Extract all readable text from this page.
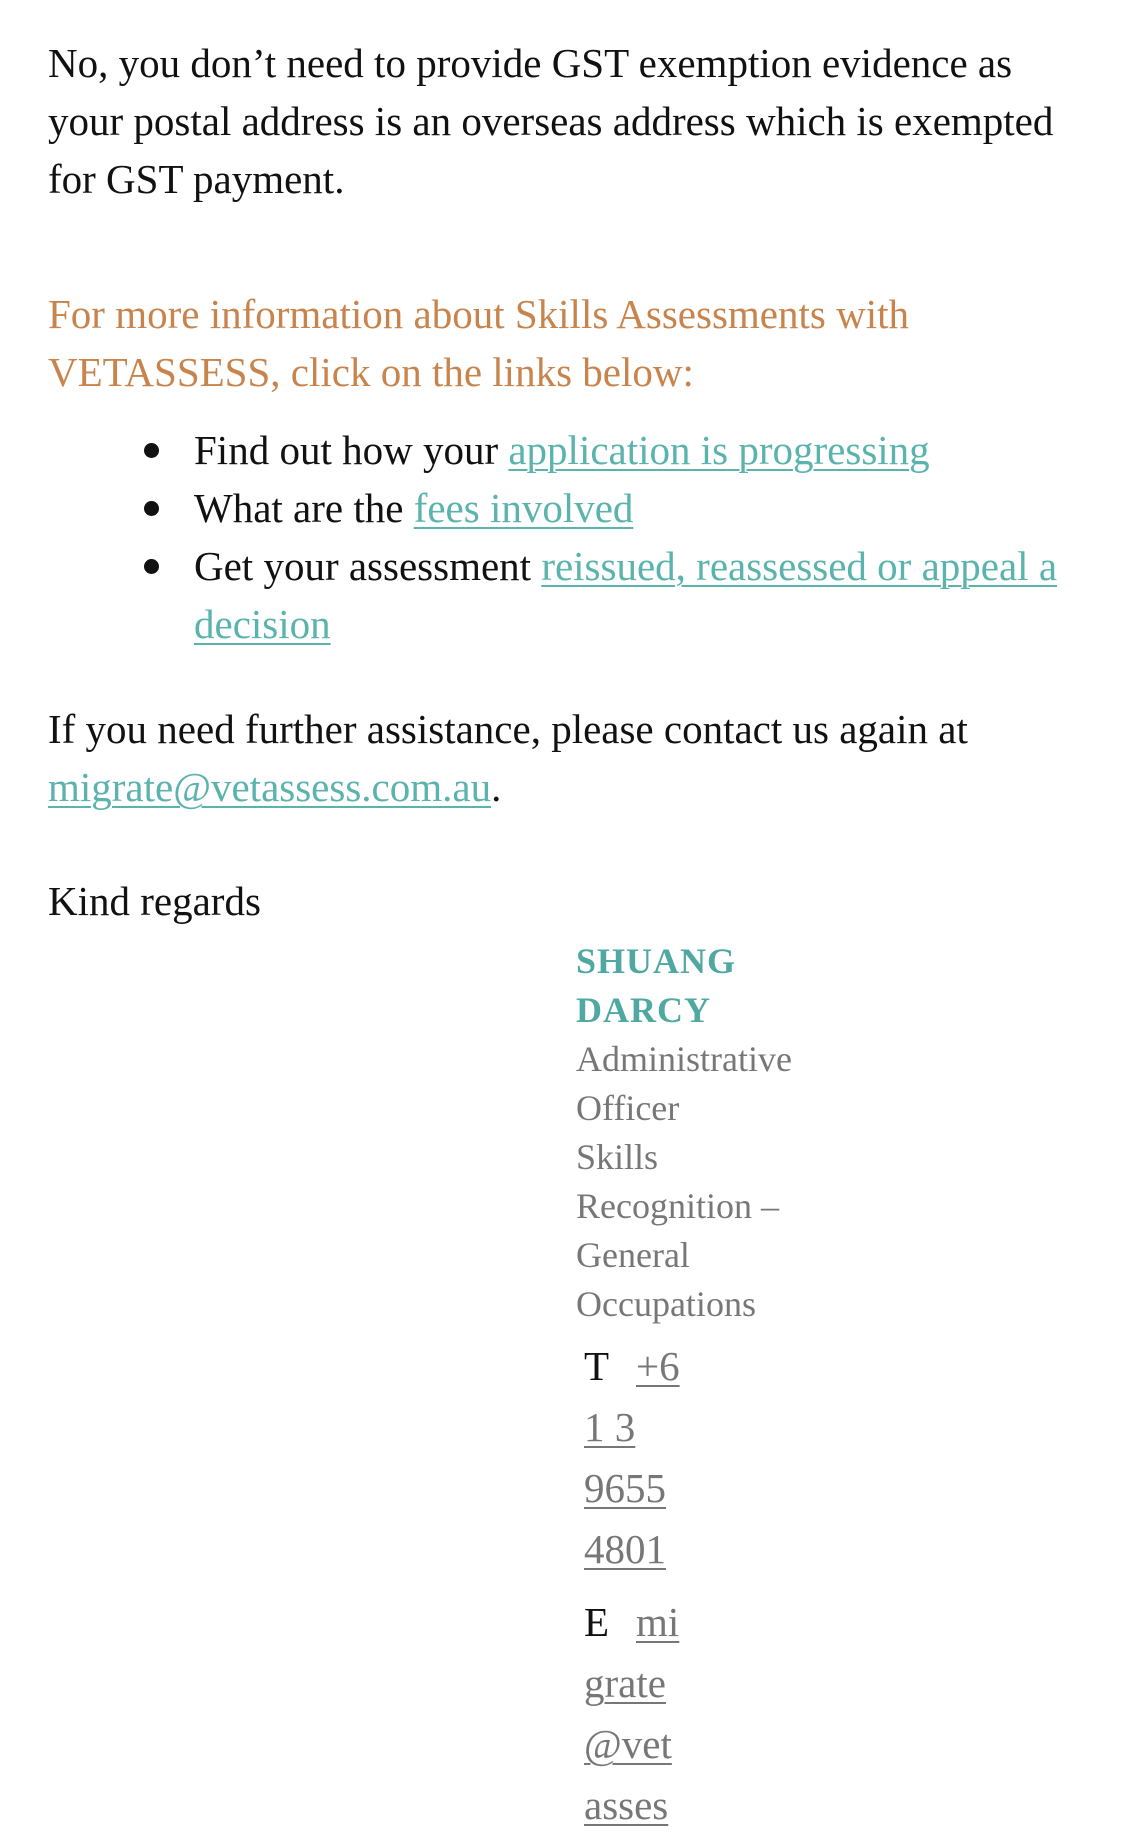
No, you don’t need to provide GST exemption evidence as your postal address is an overseas address which is exempted for GST payment.

For more information about Skills Assessments with VETASSESS, click on the links below:

Find out how your application is progressing
What are the fees involved
Get your assessment reissued, reassessed or appeal a decision

If you need further assistance, please contact us again at
migrate@vetassess.com.au.

Kind regards

SHUANG DARCY

Administrative
Officer
Skills
Recognition –
General
Occupations

T +6
1 3
9655
4801
E mi
grate
@vet
asses
